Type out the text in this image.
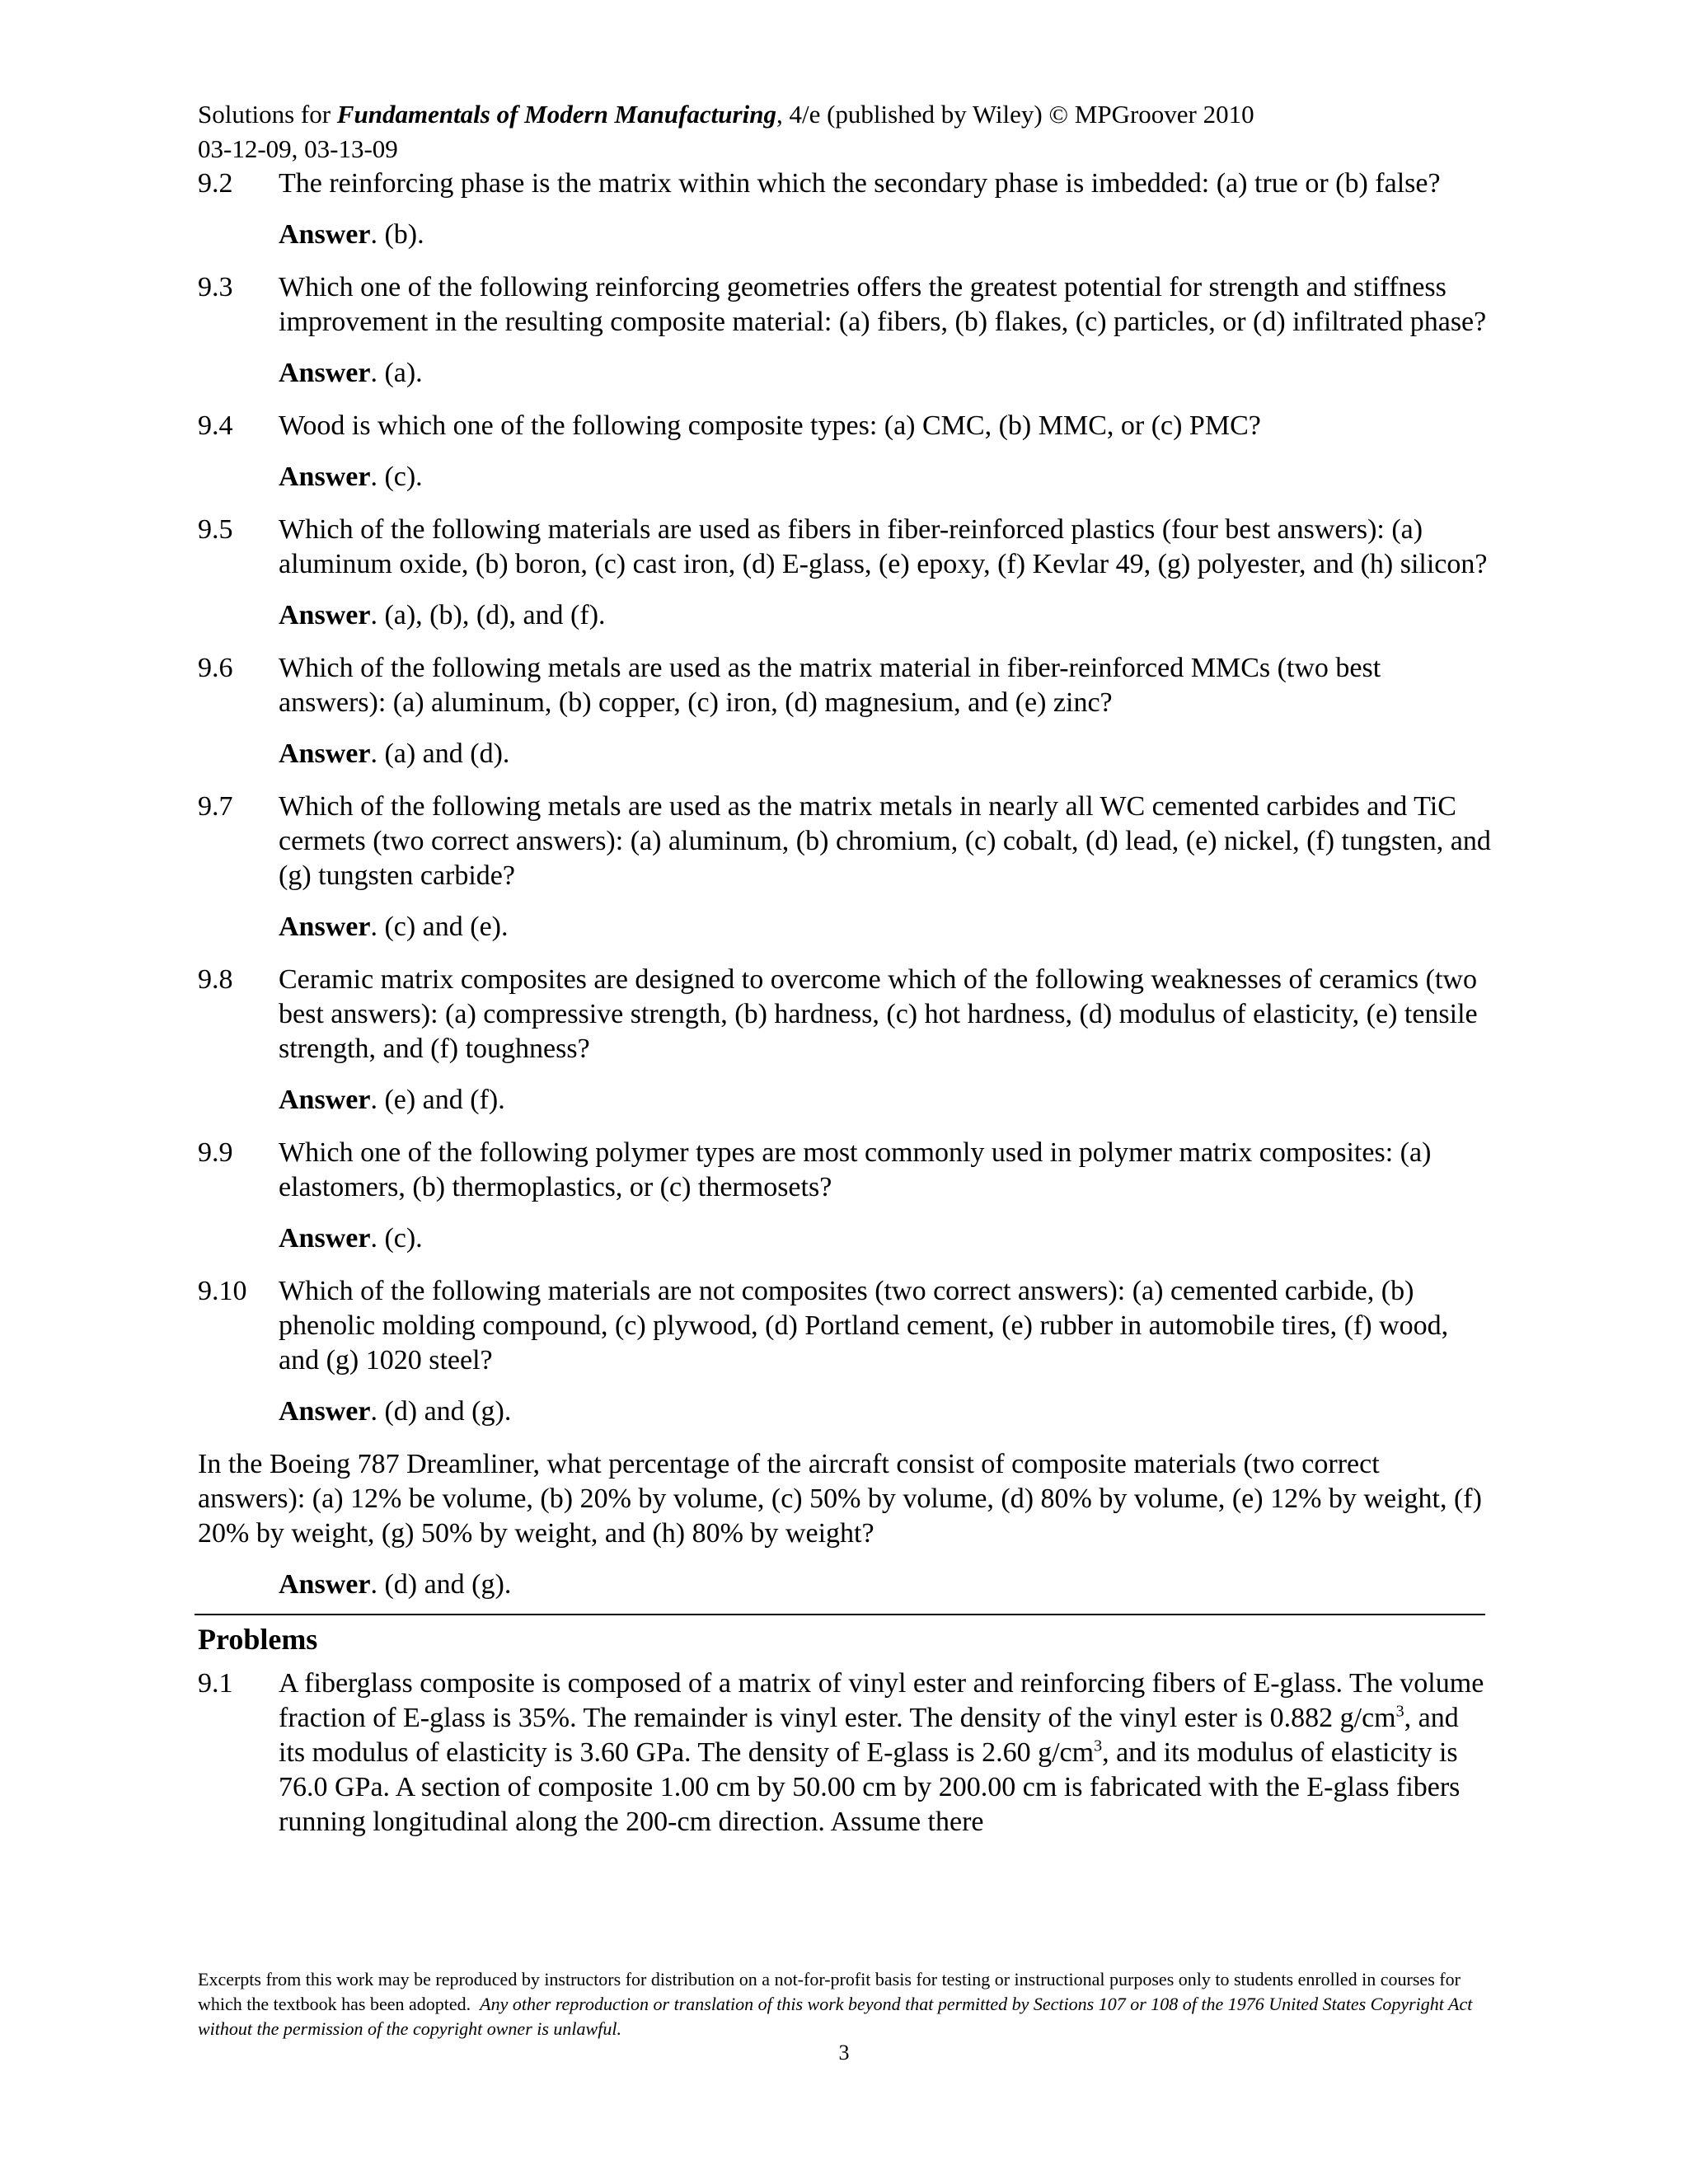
Solutions for Fundamentals of Modern Manufacturing, 4/e (published by Wiley) © MPGroover 2010
03-12-09, 03-13-09
9.2 The reinforcing phase is the matrix within which the secondary phase is imbedded: (a) true or (b) false?
Answer. (b).
9.3 Which one of the following reinforcing geometries offers the greatest potential for strength and stiffness improvement in the resulting composite material: (a) fibers, (b) flakes, (c) particles, or (d) infiltrated phase?
Answer. (a).
9.4 Wood is which one of the following composite types: (a) CMC, (b) MMC, or (c) PMC?
Answer. (c).
9.5 Which of the following materials are used as fibers in fiber-reinforced plastics (four best answers): (a) aluminum oxide, (b) boron, (c) cast iron, (d) E-glass, (e) epoxy, (f) Kevlar 49, (g) polyester, and (h) silicon?
Answer. (a), (b), (d), and (f).
9.6 Which of the following metals are used as the matrix material in fiber-reinforced MMCs (two best answers): (a) aluminum, (b) copper, (c) iron, (d) magnesium, and (e) zinc?
Answer. (a) and (d).
9.7 Which of the following metals are used as the matrix metals in nearly all WC cemented carbides and TiC cermets (two correct answers): (a) aluminum, (b) chromium, (c) cobalt, (d) lead, (e) nickel, (f) tungsten, and (g) tungsten carbide?
Answer. (c) and (e).
9.8 Ceramic matrix composites are designed to overcome which of the following weaknesses of ceramics (two best answers): (a) compressive strength, (b) hardness, (c) hot hardness, (d) modulus of elasticity, (e) tensile strength, and (f) toughness?
Answer. (e) and (f).
9.9 Which one of the following polymer types are most commonly used in polymer matrix composites: (a) elastomers, (b) thermoplastics, or (c) thermosets?
Answer. (c).
9.10 Which of the following materials are not composites (two correct answers): (a) cemented carbide, (b) phenolic molding compound, (c) plywood, (d) Portland cement, (e) rubber in automobile tires, (f) wood, and (g) 1020 steel?
Answer. (d) and (g).
In the Boeing 787 Dreamliner, what percentage of the aircraft consist of composite materials (two correct answers): (a) 12% be volume, (b) 20% by volume, (c) 50% by volume, (d) 80% by volume, (e) 12% by weight, (f) 20% by weight, (g) 50% by weight, and (h) 80% by weight?
Answer. (d) and (g).
Problems
9.1 A fiberglass composite is composed of a matrix of vinyl ester and reinforcing fibers of E-glass. The volume fraction of E-glass is 35%. The remainder is vinyl ester. The density of the vinyl ester is 0.882 $g/cm^3$, and its modulus of elasticity is 3.60 GPa. The density of E-glass is 2.60 $g/cm^3$, and its modulus of elasticity is 76.0 GPa. A section of composite 1.00 cm by 50.00 cm by 200.00 cm is fabricated with the E-glass fibers running longitudinal along the 200-cm direction. Assume there
Excerpts from this work may be reproduced by instructors for distribution on a not-for-profit basis for testing or instructional purposes only to students enrolled in courses for which the textbook has been adopted. Any other reproduction or translation of this work beyond that permitted by Sections 107 or 108 of the 1976 United States Copyright Act without the permission of the copyright owner is unlawful.
3
